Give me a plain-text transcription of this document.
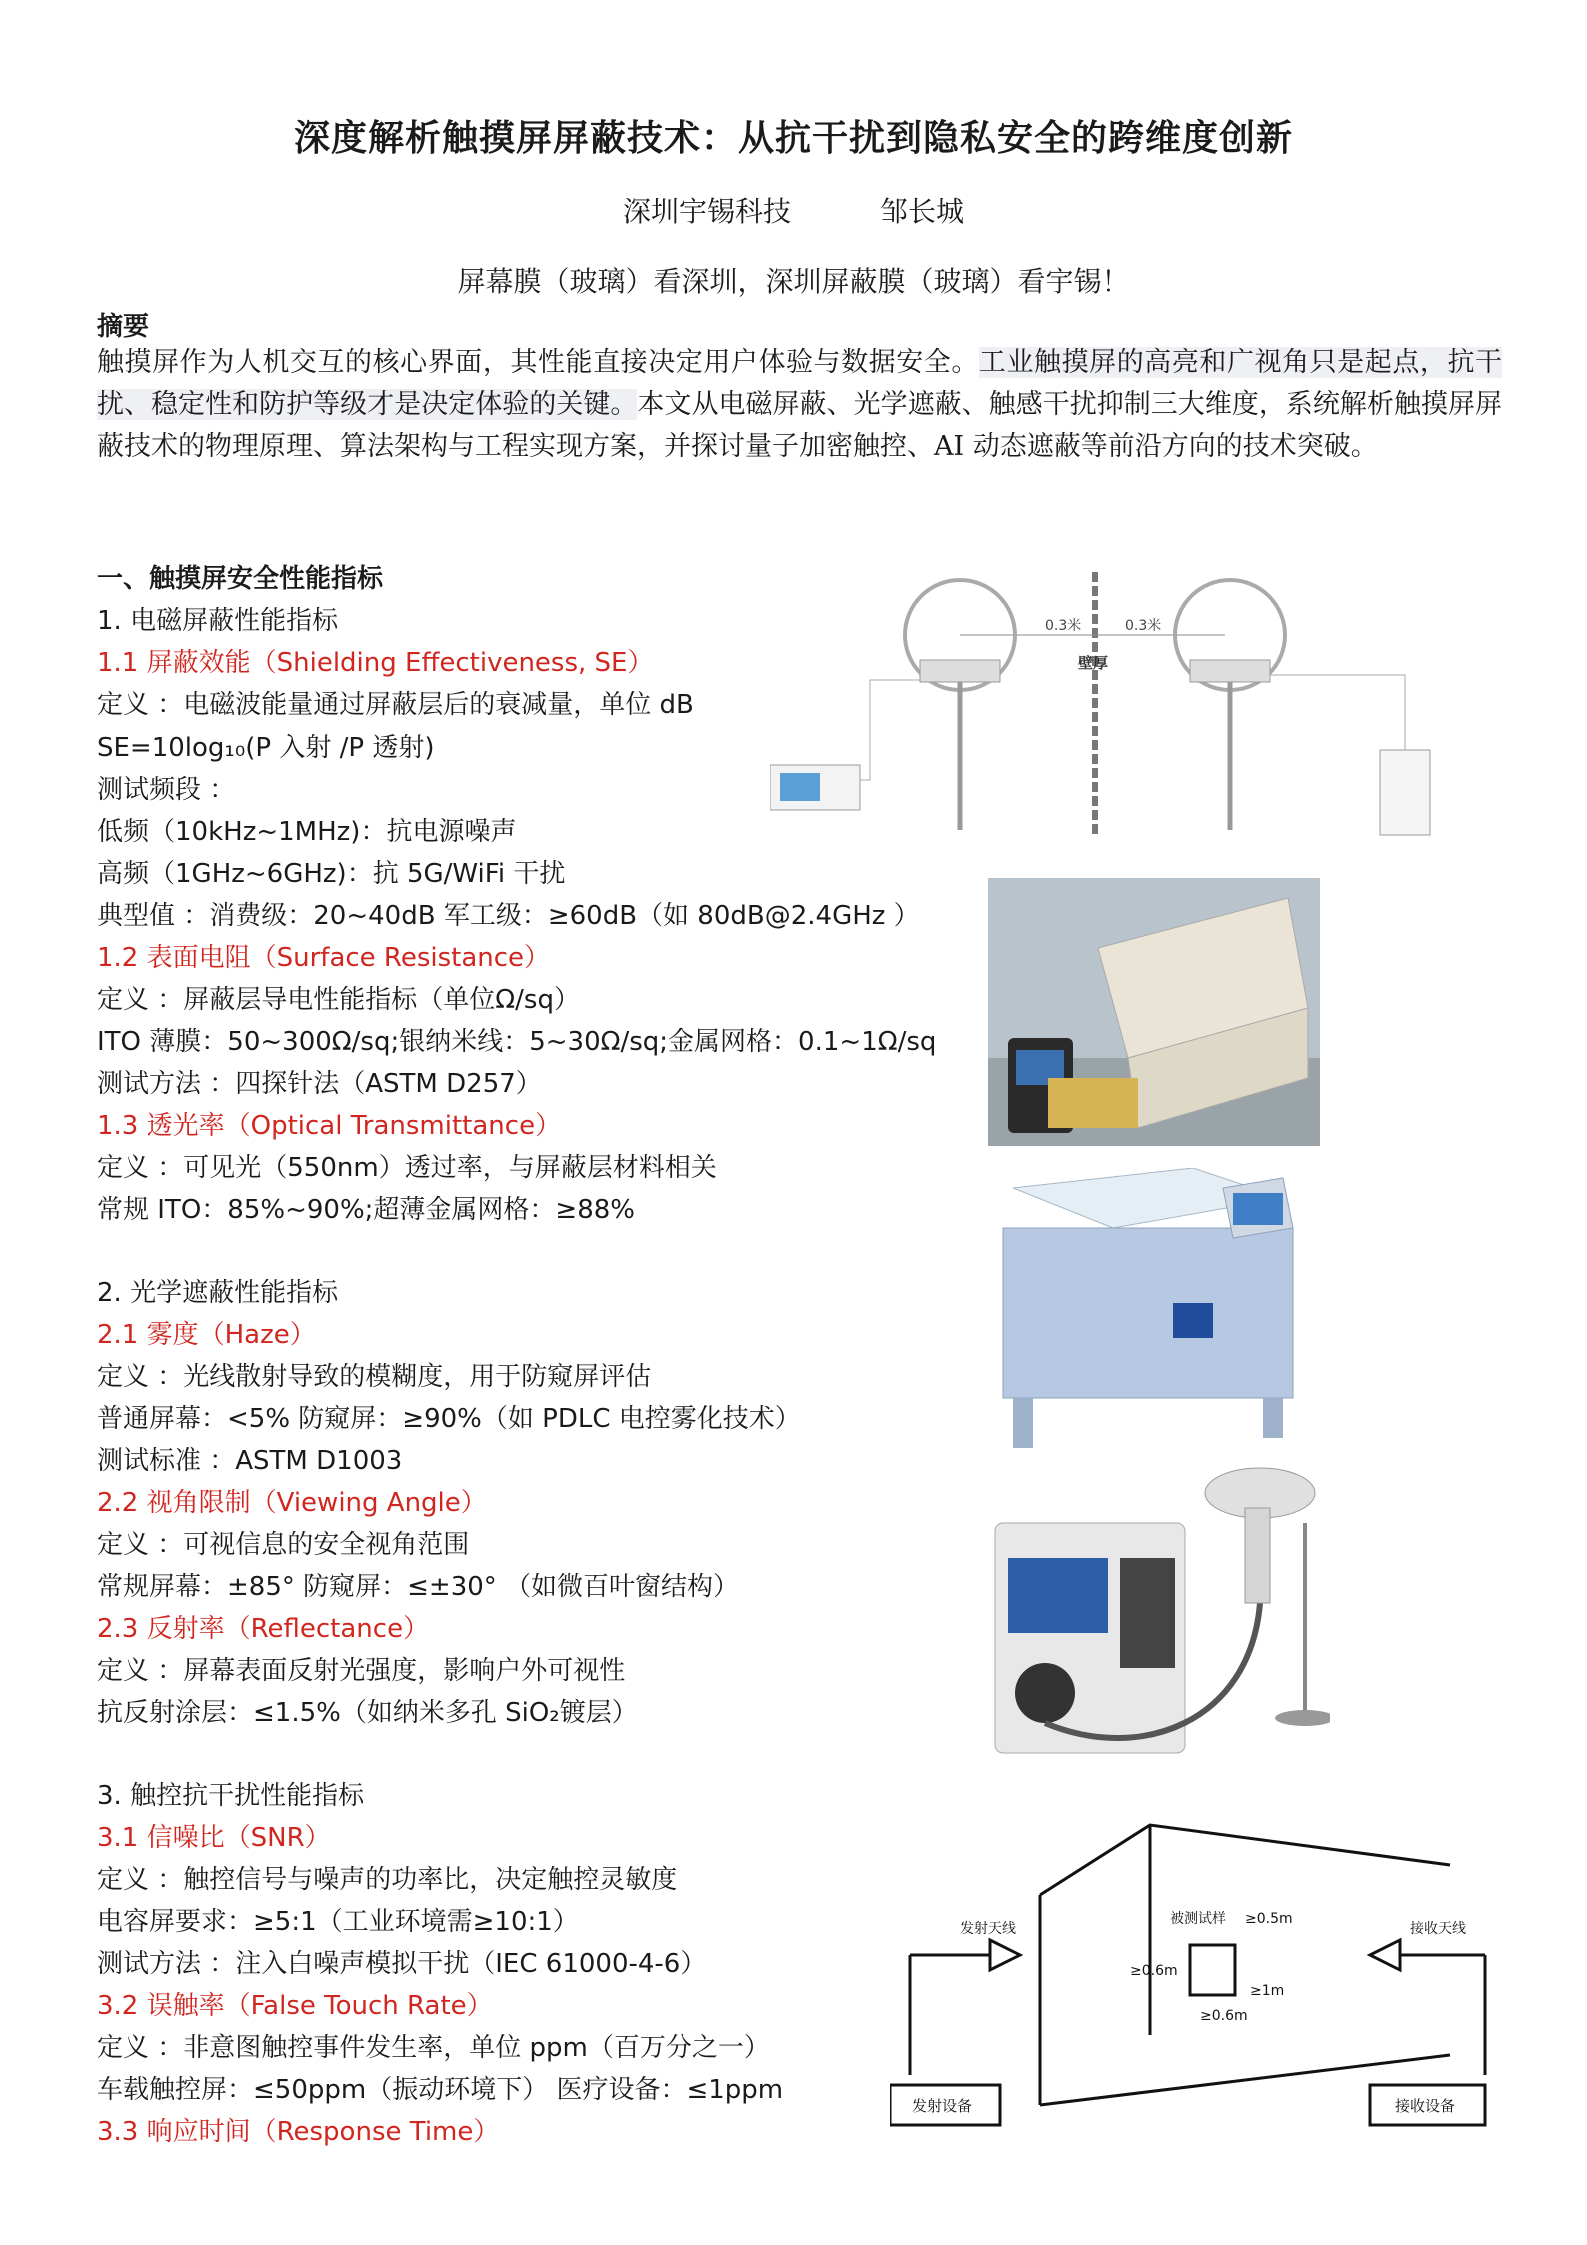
深度解析触摸屏屏蔽技术：从抗干扰到隐私安全的跨维度创新
深圳宇锡科技	邹长城
屏幕膜（玻璃）看深圳，深圳屏蔽膜（玻璃）看宇锡！
摘要
触摸屏作为人机交互的核心界面，其性能直接决定用户体验与数据安全。工业触摸屏的高亮和广视角只是起点，抗干扰、稳定性和防护等级才是决定体验的关键。本文从电磁屏蔽、光学遮蔽、触感干扰抑制三大维度，系统解析触摸屏屏蔽技术的物理原理、算法架构与工程实现方案，并探讨量子加密触控、AI 动态遮蔽等前沿方向的技术突破。
一、触摸屏安全性能指标
1. 电磁屏蔽性能指标
1.1 屏蔽效能（Shielding Effectiveness, SE）
定义 ：电磁波能量通过屏蔽层后的衰减量，单位 dB
SE=10log₁₀(P 入射 /P 透射)
测试频段 ：
低频（10kHz~1MHz)：抗电源噪声
高频（1GHz~6GHz)：抗 5G/WiFi 干扰
典型值 ：消费级：20~40dB 军工级：≥60dB（如 80dB@2.4GHz ）
1.2 表面电阻（Surface Resistance）
定义 ：屏蔽层导电性能指标（单位Ω/sq）
ITO 薄膜：50~300Ω/sq;银纳米线：5~30Ω/sq;金属网格：0.1~1Ω/sq
测试方法 ：四探针法（ASTM D257）
1.3 透光率（Optical Transmittance）
定义 ：可见光（550nm）透过率，与屏蔽层材料相关
常规 ITO：85%~90%;超薄金属网格：≥88%
2. 光学遮蔽性能指标
2.1 雾度（Haze）
定义 ：光线散射导致的模糊度，用于防窥屏评估
普通屏幕：<5% 防窥屏：≥90%（如 PDLC 电控雾化技术）
测试标准 ：ASTM D1003
2.2 视角限制（Viewing Angle）
定义 ：可视信息的安全视角范围
常规屏幕：±85° 防窥屏：≤±30° （如微百叶窗结构）
2.3 反射率（Reflectance）
定义 ：屏幕表面反射光强度，影响户外可视性
抗反射涂层：≤1.5%（如纳米多孔 SiO₂镀层）
3. 触控抗干扰性能指标
3.1 信噪比（SNR）
定义 ：触控信号与噪声的功率比，决定触控灵敏度
电容屏要求：≥5:1（工业环境需≥10:1）
测试方法 ：注入白噪声模拟干扰（IEC 61000-4-6）
3.2 误触率（False Touch Rate）
定义 ：非意图触控事件发生率，单位 ppm（百万分之一）
车载触控屏：≤50ppm（振动环境下） 医疗设备：≤1ppm
3.3 响应时间（Response Time）
0.3米	0.3米
壁厚
发射天线	接收天线
被测试样 ≥0.5m
≥0.6m
≥1m
≥0.6m
发射设备	接收设备
